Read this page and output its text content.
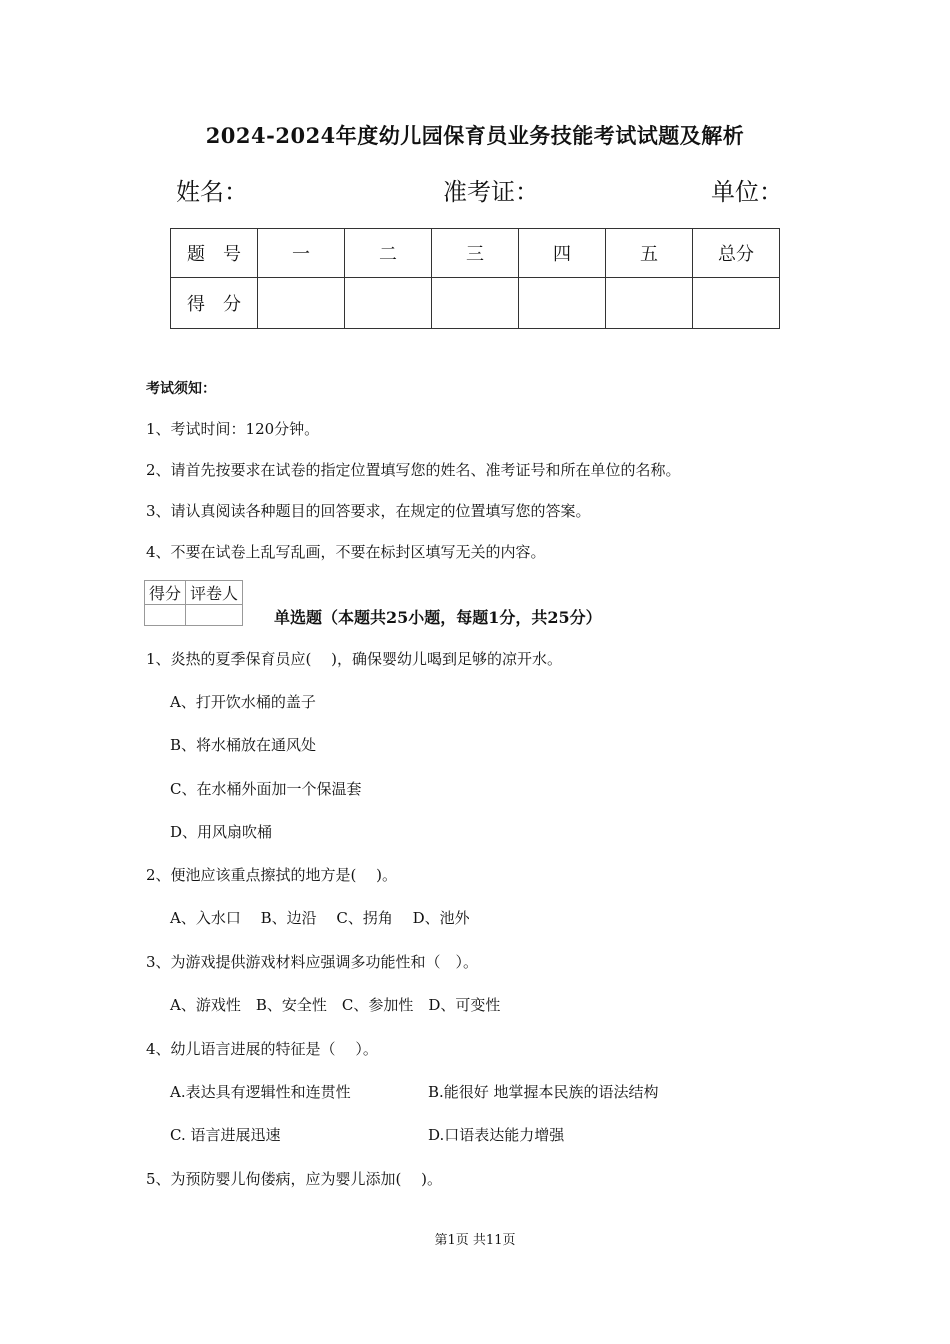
2024-2024年度幼儿园保育员业务技能考试试题及解析
姓名：	准考证：	单位：
题　号	一	二	三	四	五	总分
得　分						
考试须知：
1、考试时间：120分钟。
2、请首先按要求在试卷的指定位置填写您的姓名、准考证号和所在单位的名称。
3、请认真阅读各种题目的回答要求，在规定的位置填写您的答案。
4、不要在试卷上乱写乱画，不要在标封区填写无关的内容。
得分	评卷人

单选题（本题共25小题，每题1分，共25分）
1、炎热的夏季保育员应(　 )，确保婴幼儿喝到足够的凉开水。
A、打开饮水桶的盖子
B、将水桶放在通风处
C、在水桶外面加一个保温套
D、用风扇吹桶
2、便池应该重点擦拭的地方是(　 )。
A、入水口　 B、边沿　 C、拐角　 D、池外
3、为游戏提供游戏材料应强调多功能性和（　）。
A、游戏性　B、安全性　C、参加性　D、可变性
4、幼儿语言进展的特征是（　 ）。
A.表达具有逻辑性和连贯性	B.能很好 地掌握本民族的语法结构
C. 语言进展迅速	D.口语表达能力增强
5、为预防婴儿佝偻病，应为婴儿添加(　 )。
第1页 共11页
